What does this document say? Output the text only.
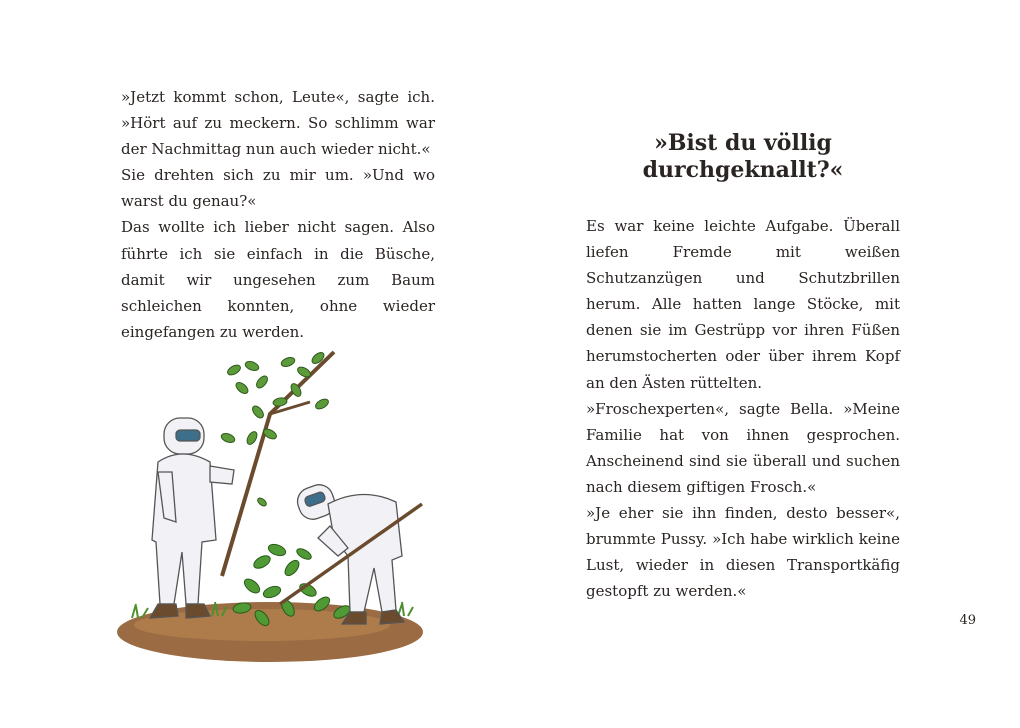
»Jetzt kommt schon, Leute«, sagte ich. »Hört auf zu meckern. So schlimm war der Nachmittag nun auch wieder nicht.«

Sie drehten sich zu mir um. »Und wo warst du genau?«

Das wollte ich lieber nicht sagen. Also führte ich sie einfach in die Büsche, damit wir ungesehen zum Baum schleichen konnten, ohne wieder eingefangen zu werden.

»Bist du völlig
durchgeknallt?«

Es war keine leichte Aufgabe. Überall liefen Fremde mit weißen Schutzanzügen und Schutzbrillen herum. Alle hatten lange Stöcke, mit denen sie im Gestrüpp vor ihren Füßen herumstocherten oder über ihrem Kopf an den Ästen rüttelten.

»Froschexperten«, sagte Bella. »Meine Familie hat von ihnen gesprochen. Anscheinend sind sie überall und suchen nach diesem giftigen Frosch.«

»Je eher sie ihn finden, desto besser«, brummte Pussy. »Ich habe wirklich keine Lust, wieder in diesen Transportkäfig gestopft zu werden.«

49
